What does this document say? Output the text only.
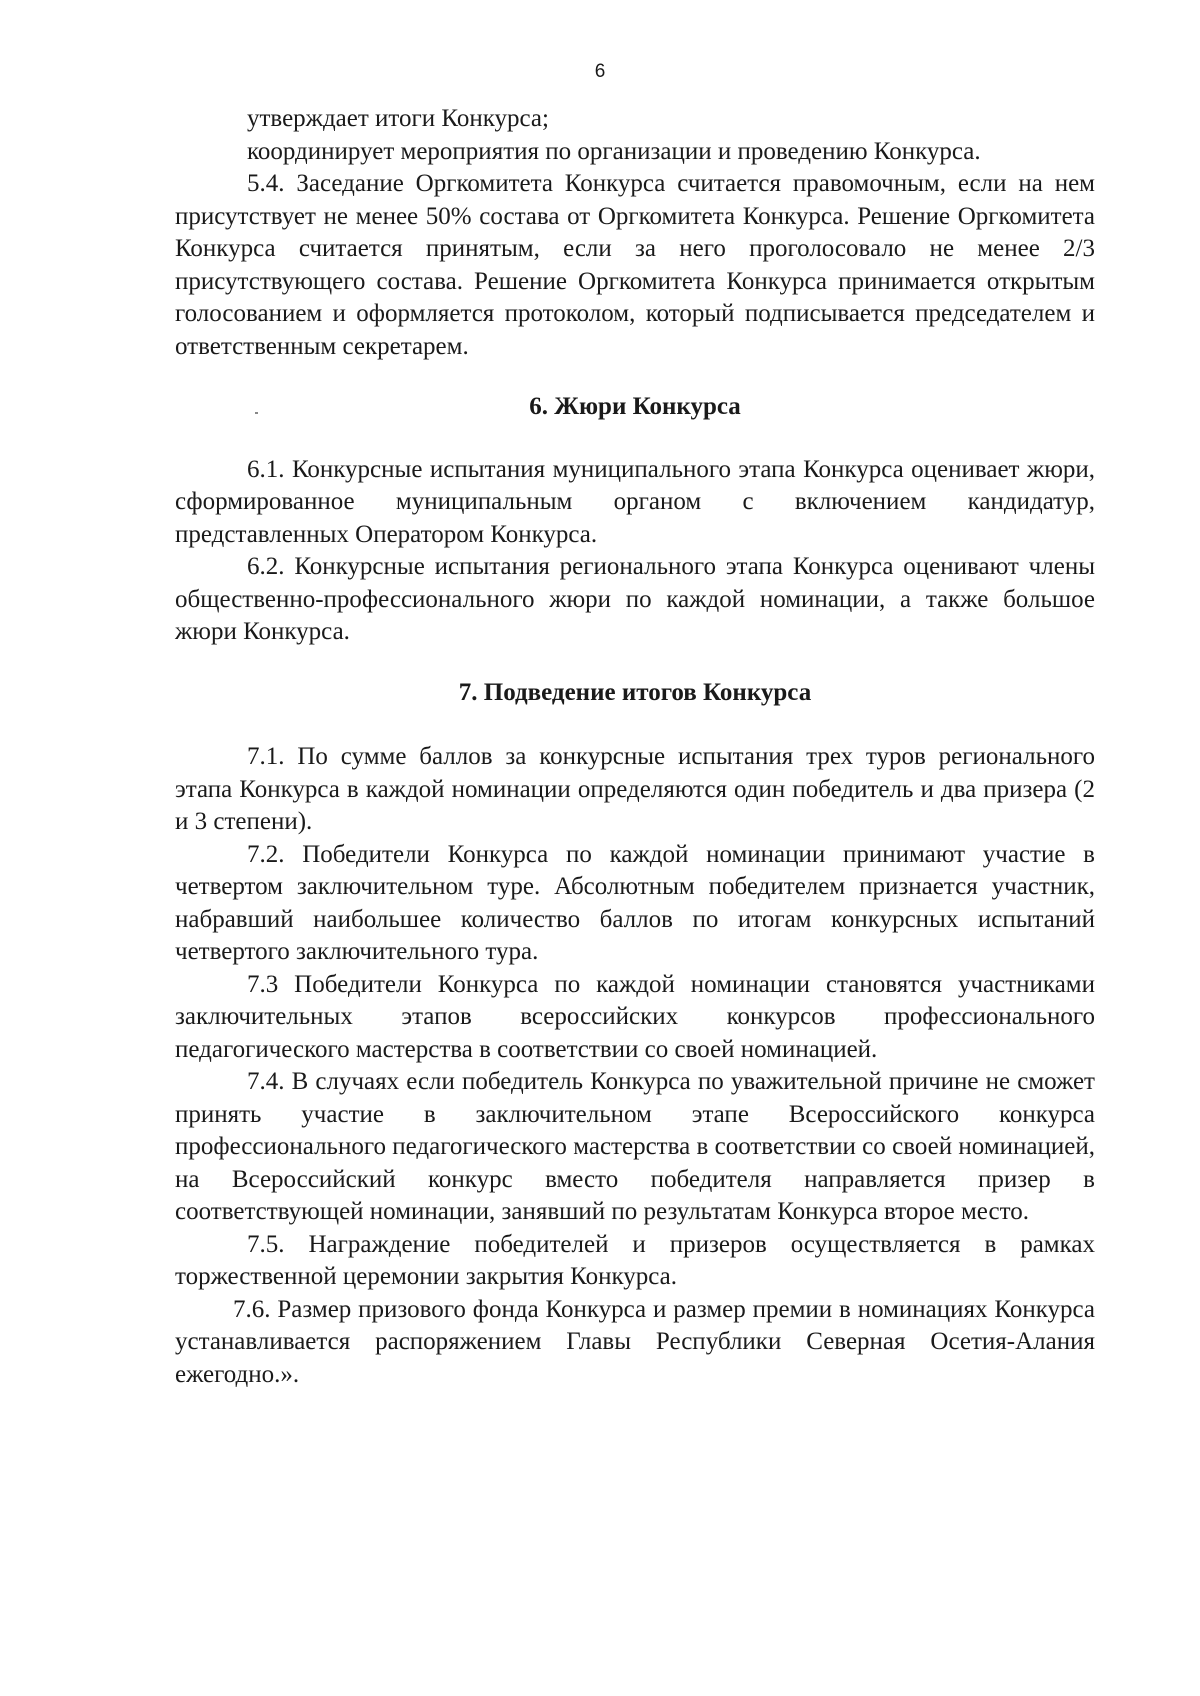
6

утверждает итоги Конкурса;

координирует мероприятия по организации и проведению Конкурса.

5.4. Заседание Оргкомитета Конкурса считается правомочным, если на нем присутствует не менее 50% состава от Оргкомитета Конкурса. Решение Оргкомитета Конкурса считается принятым, если за него проголосовало не менее 2/3 присутствующего состава. Решение Оргкомитета Конкурса принимается открытым голосованием и оформляется протоколом, который подписывается председателем и ответственным секретарем.

6. Жюри Конкурса

6.1. Конкурсные испытания муниципального этапа Конкурса оценивает жюри, сформированное муниципальным органом с включением кандидатур, представленных Оператором Конкурса.

6.2. Конкурсные испытания регионального этапа Конкурса оценивают члены общественно-профессионального жюри по каждой номинации, а также большое жюри Конкурса.

7. Подведение итогов Конкурса

7.1. По сумме баллов за конкурсные испытания трех туров регионального этапа Конкурса в каждой номинации определяются один победитель и два призера (2 и 3 степени).

7.2. Победители Конкурса по каждой номинации принимают участие в четвертом заключительном туре. Абсолютным победителем признается участник, набравший наибольшее количество баллов по итогам конкурсных испытаний четвертого заключительного тура.

7.3 Победители Конкурса по каждой номинации становятся участниками заключительных этапов всероссийских конкурсов профессионального педагогического мастерства в соответствии со своей номинацией.

7.4. В случаях если победитель Конкурса по уважительной причине не сможет принять участие в заключительном этапе Всероссийского конкурса профессионального педагогического мастерства в соответствии со своей номинацией, на Всероссийский конкурс вместо победителя направляется призер в соответствующей номинации, занявший по результатам Конкурса второе место.

7.5. Награждение победителей и призеров осуществляется в рамках торжественной церемонии закрытия Конкурса.

7.6. Размер призового фонда Конкурса и размер премии в номинациях Конкурса устанавливается распоряжением Главы Республики Северная Осетия-Алания ежегодно.».
